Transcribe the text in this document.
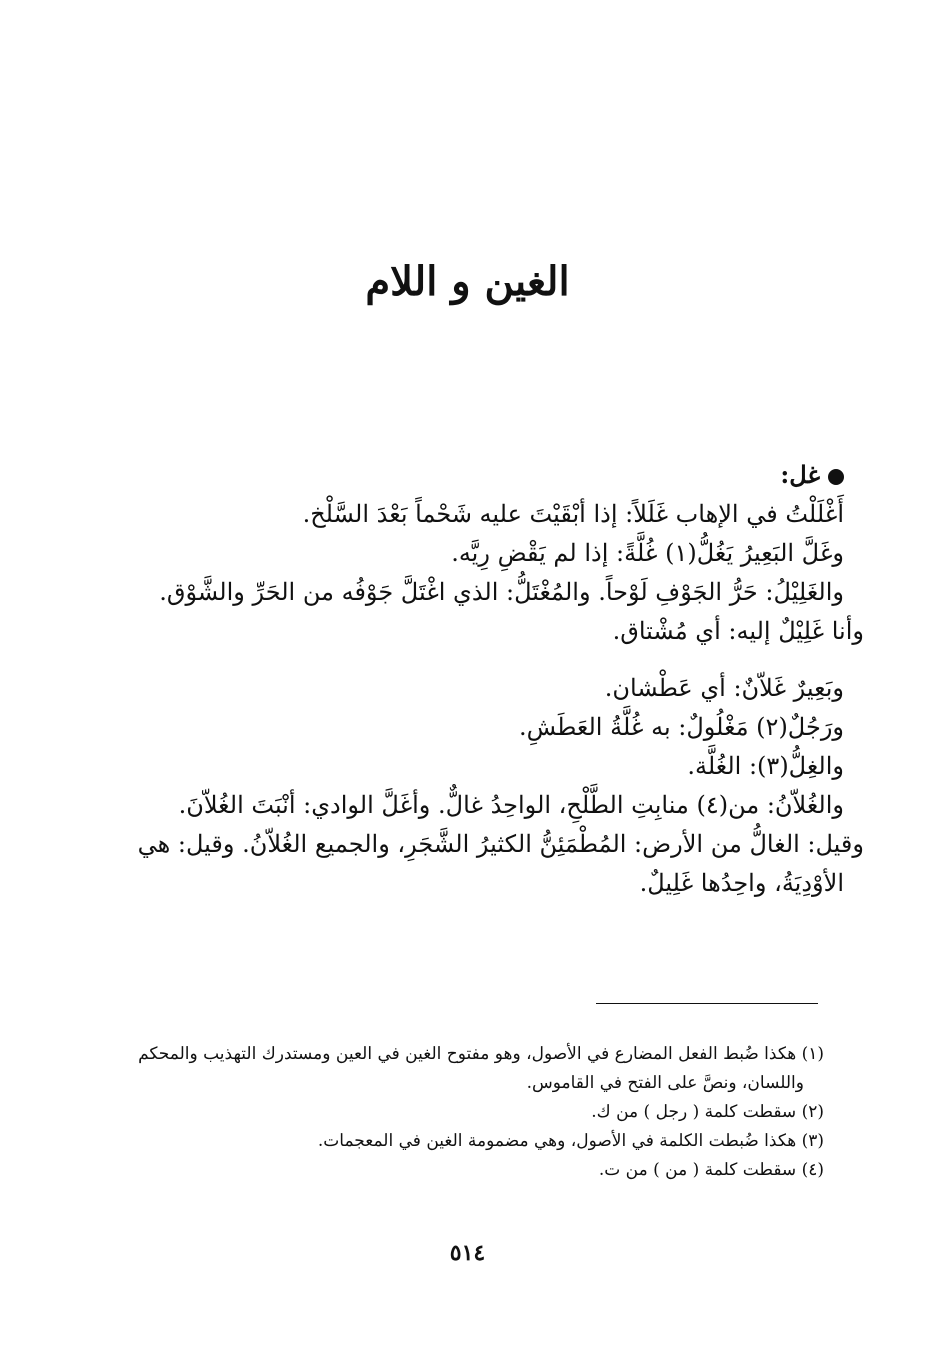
الغين و اللام
غل:
أَغْلَلْتُ في الإهاب غَلَلاً: إذا أبْقَيْتَ عليه شَحْماً بَعْدَ السَّلْخ.
وغَلَّ البَعِيرُ يَغُلُّ(١) غُلَّةً: إذا لم يَقْضِ رِيَّه.
والغَلِيْلُ: حَرُّ الجَوْفِ لَوْحاً. والمُغْتَلُّ: الذي اغْتَلَّ جَوْفُه من الحَرِّ والشَّوْق.
وأنا غَلِيْلٌ إليه: أي مُشْتاق.
وبَعِيرٌ غَلاّنٌ: أي عَطْشان.
ورَجُلٌ(٢) مَغْلُولٌ: به غُلَّةُ العَطَشِ.
والغِلُّ(٣): الغُلَّة.
والغُلاّنُ: من(٤) منابِتِ الطَّلْحِ، الواحِدُ غالٌّ. وأغَلَّ الوادي: أنْبَتَ الغُلاّنَ.
وقيل: الغالُّ من الأرض: المُطْمَئِنُّ الكثيرُ الشَّجَرِ، والجميع الغُلاّنُ. وقيل: هي
الأوْدِيَةُ، واحِدُها غَلِيلٌ.
(١) هكذا ضُبط الفعل المضارع في الأصول، وهو مفتوح الغين في العين ومستدرك التهذيب والمحكم
واللسان، ونصَّ على الفتح في القاموس.
(٢) سقطت كلمة ( رجل ) من ك.
(٣) هكذا ضُبطت الكلمة في الأصول، وهي مضمومة الغين في المعجمات.
(٤) سقطت كلمة ( من ) من ت.
٥١٤
